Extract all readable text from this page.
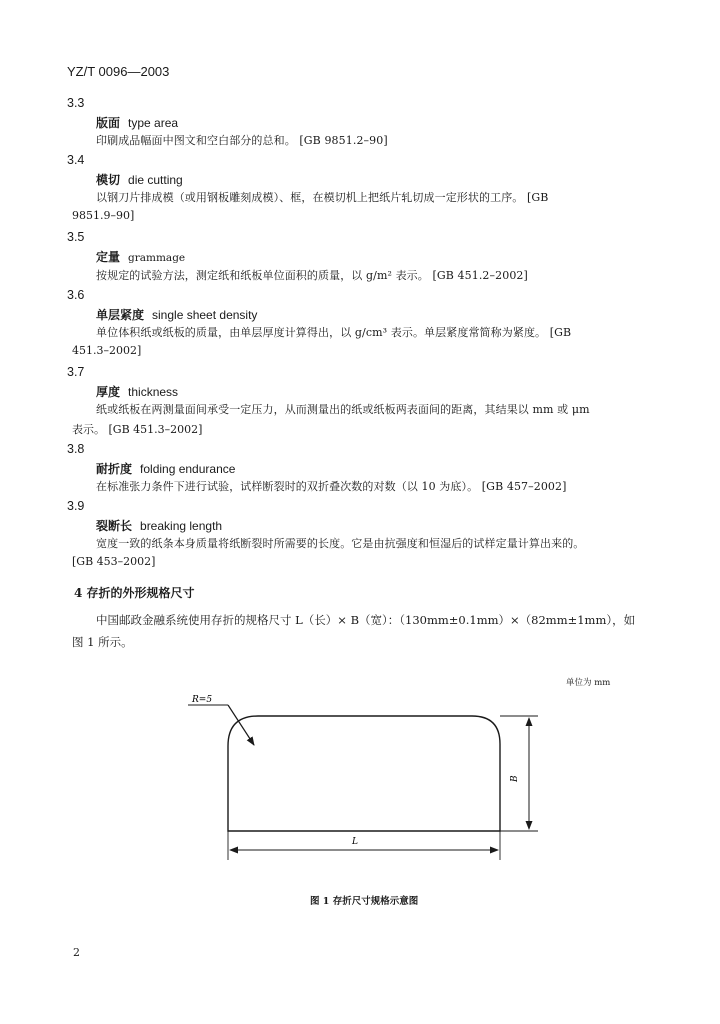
YZ/T 0096—2003
3.3
版面 type area
印刷成品幅面中图文和空白部分的总和。 [GB 9851.2–90]
3.4
模切 die cutting
以钢刀片排成模（或用钢板雕刻成模）、框，在模切机上把纸片轧切成一定形状的工序。 [GB
9851.9–90]
3.5
定量 grammage
按规定的试验方法，测定纸和纸板单位面积的质量，以 g/m² 表示。 [GB 451.2–2002]
3.6
单层紧度 single sheet density
单位体积纸或纸板的质量，由单层厚度计算得出，以 g/cm³ 表示。单层紧度常简称为紧度。 [GB
451.3–2002]
3.7
厚度 thickness
纸或纸板在两测量面间承受一定压力，从而测量出的纸或纸板两表面间的距离，其结果以 mm 或 μm
表示。 [GB 451.3–2002]
3.8
耐折度 folding endurance
在标准张力条件下进行试验，试样断裂时的双折叠次数的对数（以 10 为底）。 [GB 457–2002]
3.9
裂断长 breaking length
宽度一致的纸条本身质量将纸断裂时所需要的长度。它是由抗强度和恒湿后的试样定量计算出来的。
[GB 453–2002]
4 存折的外形规格尺寸
中国邮政金融系统使用存折的规格尺寸 L（长）× B（宽）：（130mm±0.1mm）×（82mm±1mm），如
图 1 所示。
单位为 mm
R=5
B
L
图 1 存折尺寸规格示意图
2
